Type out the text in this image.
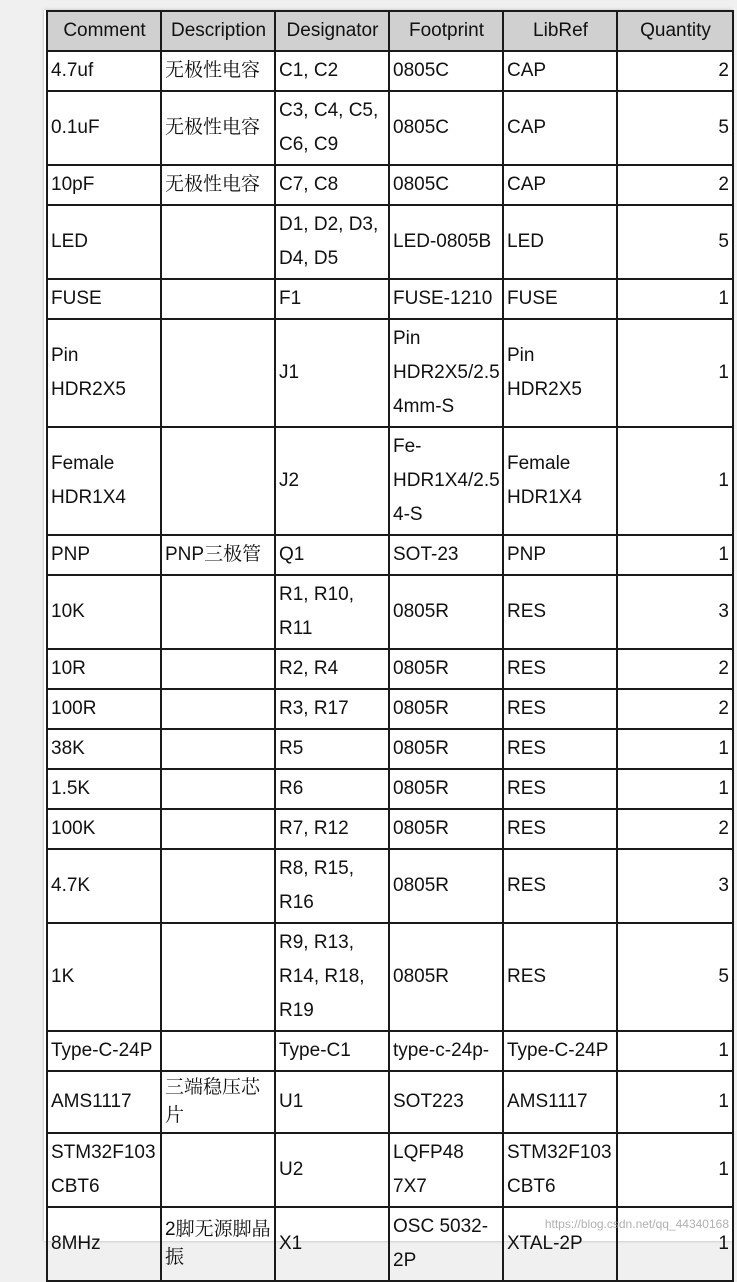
Comment	Description	Designator	Footprint	LibRef	Quantity
4.7uf	无极性电容	C1, C2	0805C	CAP	2
0.1uF	无极性电容	C3, C4, C5, C6, C9	0805C	CAP	5
10pF	无极性电容	C7, C8	0805C	CAP	2
LED		D1, D2, D3, D4, D5	LED-0805B	LED	5
FUSE		F1	FUSE-1210	FUSE	1
Pin HDR2X5		J1	Pin HDR2X5/2.54mm-S	Pin HDR2X5	1
Female HDR1X4		J2	Fe-HDR1X4/2.54-S	Female HDR1X4	1
PNP	PNP三极管	Q1	SOT-23	PNP	1
10K		R1, R10, R11	0805R	RES	3
10R		R2, R4	0805R	RES	2
100R		R3, R17	0805R	RES	2
38K		R5	0805R	RES	1
1.5K		R6	0805R	RES	1
100K		R7, R12	0805R	RES	2
4.7K		R8, R15, R16	0805R	RES	3
1K		R9, R13, R14, R18, R19	0805R	RES	5
Type-C-24P		Type-C1	type-c-24p-	Type-C-24P	1
AMS1117	三端稳压芯片	U1	SOT223	AMS1117	1
STM32F103 CBT6		U2	LQFP48 7X7	STM32F103 CBT6	1
8MHz	2脚无源脚晶振	X1	OSC 5032-2P	XTAL-2P	1
https://blog.csdn.net/qq_44340168
